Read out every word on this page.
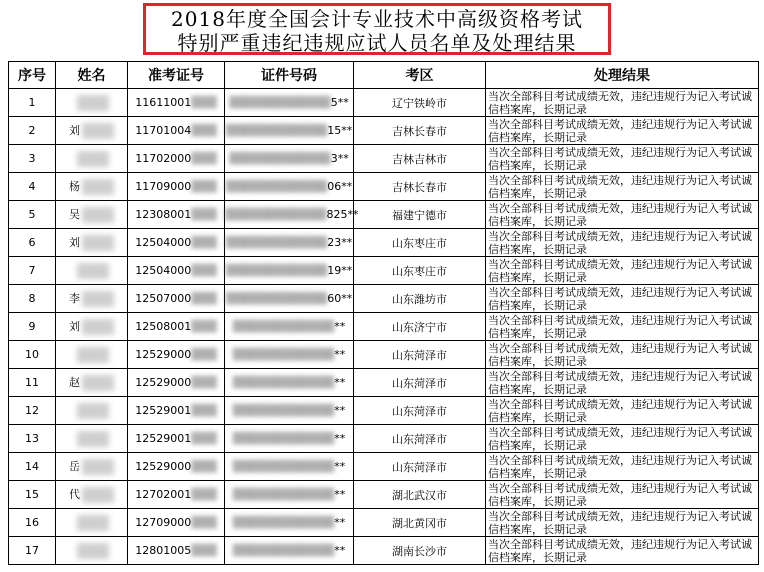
2018年度全国会计专业技术中高级资格考试
特别严重违纪违规应试人员名单及处理结果
序号	姓名	准考证号	证件号码	考区	处理结果
1		11611001▒▒▒	▒▒▒▒▒▒▒▒▒▒▒▒5**	辽宁铁岭市	当次全部科目考试成绩无效，违纪违规行为记入考试诚信档案库，长期记录
2	刘	11701004▒▒▒	▒▒▒▒▒▒▒▒▒▒▒▒15**	吉林长春市	当次全部科目考试成绩无效，违纪违规行为记入考试诚信档案库，长期记录
3		11702000▒▒▒	▒▒▒▒▒▒▒▒▒▒▒▒3**	吉林吉林市	当次全部科目考试成绩无效，违纪违规行为记入考试诚信档案库，长期记录
4	杨	11709000▒▒▒	▒▒▒▒▒▒▒▒▒▒▒▒06**	吉林长春市	当次全部科目考试成绩无效，违纪违规行为记入考试诚信档案库，长期记录
5	吴	12308001▒▒▒	▒▒▒▒▒▒▒▒▒▒▒▒825**	福建宁德市	当次全部科目考试成绩无效，违纪违规行为记入考试诚信档案库，长期记录
6	刘	12504000▒▒▒	▒▒▒▒▒▒▒▒▒▒▒▒23**	山东枣庄市	当次全部科目考试成绩无效，违纪违规行为记入考试诚信档案库，长期记录
7		12504000▒▒▒	▒▒▒▒▒▒▒▒▒▒▒▒19**	山东枣庄市	当次全部科目考试成绩无效，违纪违规行为记入考试诚信档案库，长期记录
8	李	12507000▒▒▒	▒▒▒▒▒▒▒▒▒▒▒▒60**	山东潍坊市	当次全部科目考试成绩无效，违纪违规行为记入考试诚信档案库，长期记录
9	刘	12508001▒▒▒	▒▒▒▒▒▒▒▒▒▒▒▒**	山东济宁市	当次全部科目考试成绩无效，违纪违规行为记入考试诚信档案库，长期记录
10		12529000▒▒▒	▒▒▒▒▒▒▒▒▒▒▒▒**	山东菏泽市	当次全部科目考试成绩无效，违纪违规行为记入考试诚信档案库，长期记录
11	赵	12529000▒▒▒	▒▒▒▒▒▒▒▒▒▒▒▒**	山东菏泽市	当次全部科目考试成绩无效，违纪违规行为记入考试诚信档案库，长期记录
12		12529001▒▒▒	▒▒▒▒▒▒▒▒▒▒▒▒**	山东菏泽市	当次全部科目考试成绩无效，违纪违规行为记入考试诚信档案库，长期记录
13		12529001▒▒▒	▒▒▒▒▒▒▒▒▒▒▒▒**	山东菏泽市	当次全部科目考试成绩无效，违纪违规行为记入考试诚信档案库，长期记录
14	岳	12529000▒▒▒	▒▒▒▒▒▒▒▒▒▒▒▒**	山东菏泽市	当次全部科目考试成绩无效，违纪违规行为记入考试诚信档案库，长期记录
15	代	12702001▒▒▒	▒▒▒▒▒▒▒▒▒▒▒▒**	湖北武汉市	当次全部科目考试成绩无效，违纪违规行为记入考试诚信档案库，长期记录
16		12709000▒▒▒	▒▒▒▒▒▒▒▒▒▒▒▒**	湖北黄冈市	当次全部科目考试成绩无效，违纪违规行为记入考试诚信档案库，长期记录
17		12801005▒▒▒	▒▒▒▒▒▒▒▒▒▒▒▒**	湖南长沙市	当次全部科目考试成绩无效，违纪违规行为记入考试诚信档案库，长期记录
